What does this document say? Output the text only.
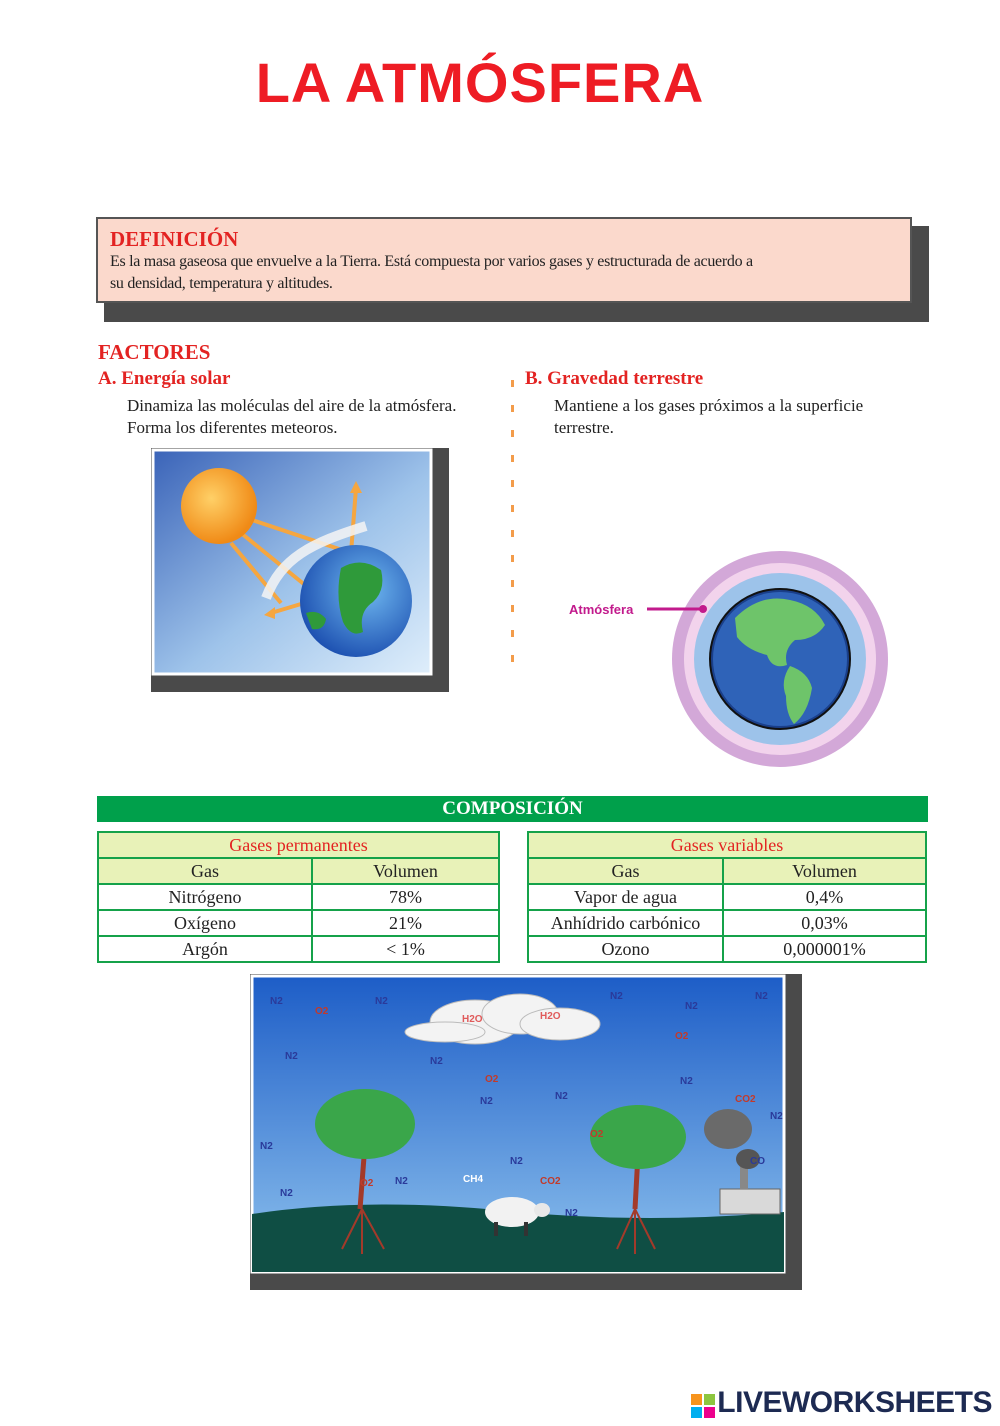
LA ATMÓSFERA
DEFINICIÓN
Es la masa gaseosa que envuelve a la Tierra. Está compuesta por varios gases y estructurada de acuerdo a
su densidad, temperatura y altitudes.
FACTORES
A. Energía solar
Dinamiza las moléculas del aire de la atmósfera.
Forma los diferentes meteoros.
B. Gravedad terrestre
Mantiene a los gases próximos a la superficie
terrestre.
Atmósfera
COMPOSICIÓN
Gases permanentes	
Gas	Volumen
Nitrógeno	78%
Oxígeno	21%
Argón	< 1%
Gases variables	
Gas	Volumen
Vapor de agua	0,4%
Anhídrido carbónico	0,03%
Ozono	0,000001%
N2	N2
N2
N2
N2
N2
N2
N2
N2	N2
N2
N2
N2
N2
N2
N2
O2
O2
O2
O2
O2	CO2
CO2
CH4
H2O	H2O
CO
LIVEWORKSHEETS
